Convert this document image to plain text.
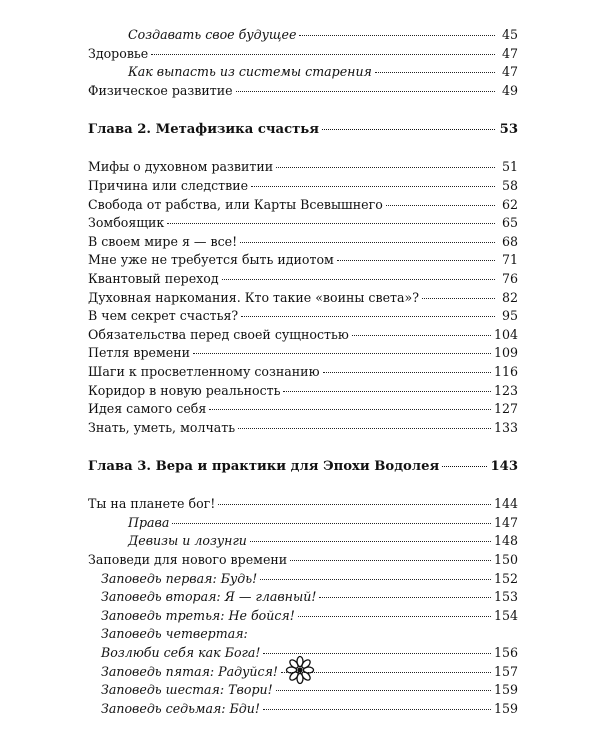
Создавать свое будущее	45
Здоровье	47
Как выпасть из системы старения	47
Физическое развитие	49
Глава 2. Метафизика счастья	53
Мифы о духовном развитии	51
Причина или следствие	58
Свобода от рабства, или Карты Всевышнего	62
Зомбоящик	65
В своем мире я — все!	68
Мне уже не требуется быть идиотом	71
Квантовый переход	76
Духовная наркомания. Кто такие «воины света»?	82
В чем секрет счастья?	95
Обязательства перед своей сущностью	104
Петля времени	109
Шаги к просветленному сознанию	116
Коридор в новую реальность	123
Идея самого себя	127
Знать, уметь, молчать	133
Глава 3. Вера и практики для Эпохи Водолея	143
Ты на планете бог!	144
Права	147
Девизы и лозунги	148
Заповеди для нового времени	150
Заповедь первая: Будь!	152
Заповедь вторая: Я — главный!	153
Заповедь третья: Не бойся!	154
Заповедь четвертая:
Возлюби себя как Бога!	156
Заповедь пятая: Радуйся!	157
Заповедь шестая: Твори!	159
Заповедь седьмая: Бди!	159
